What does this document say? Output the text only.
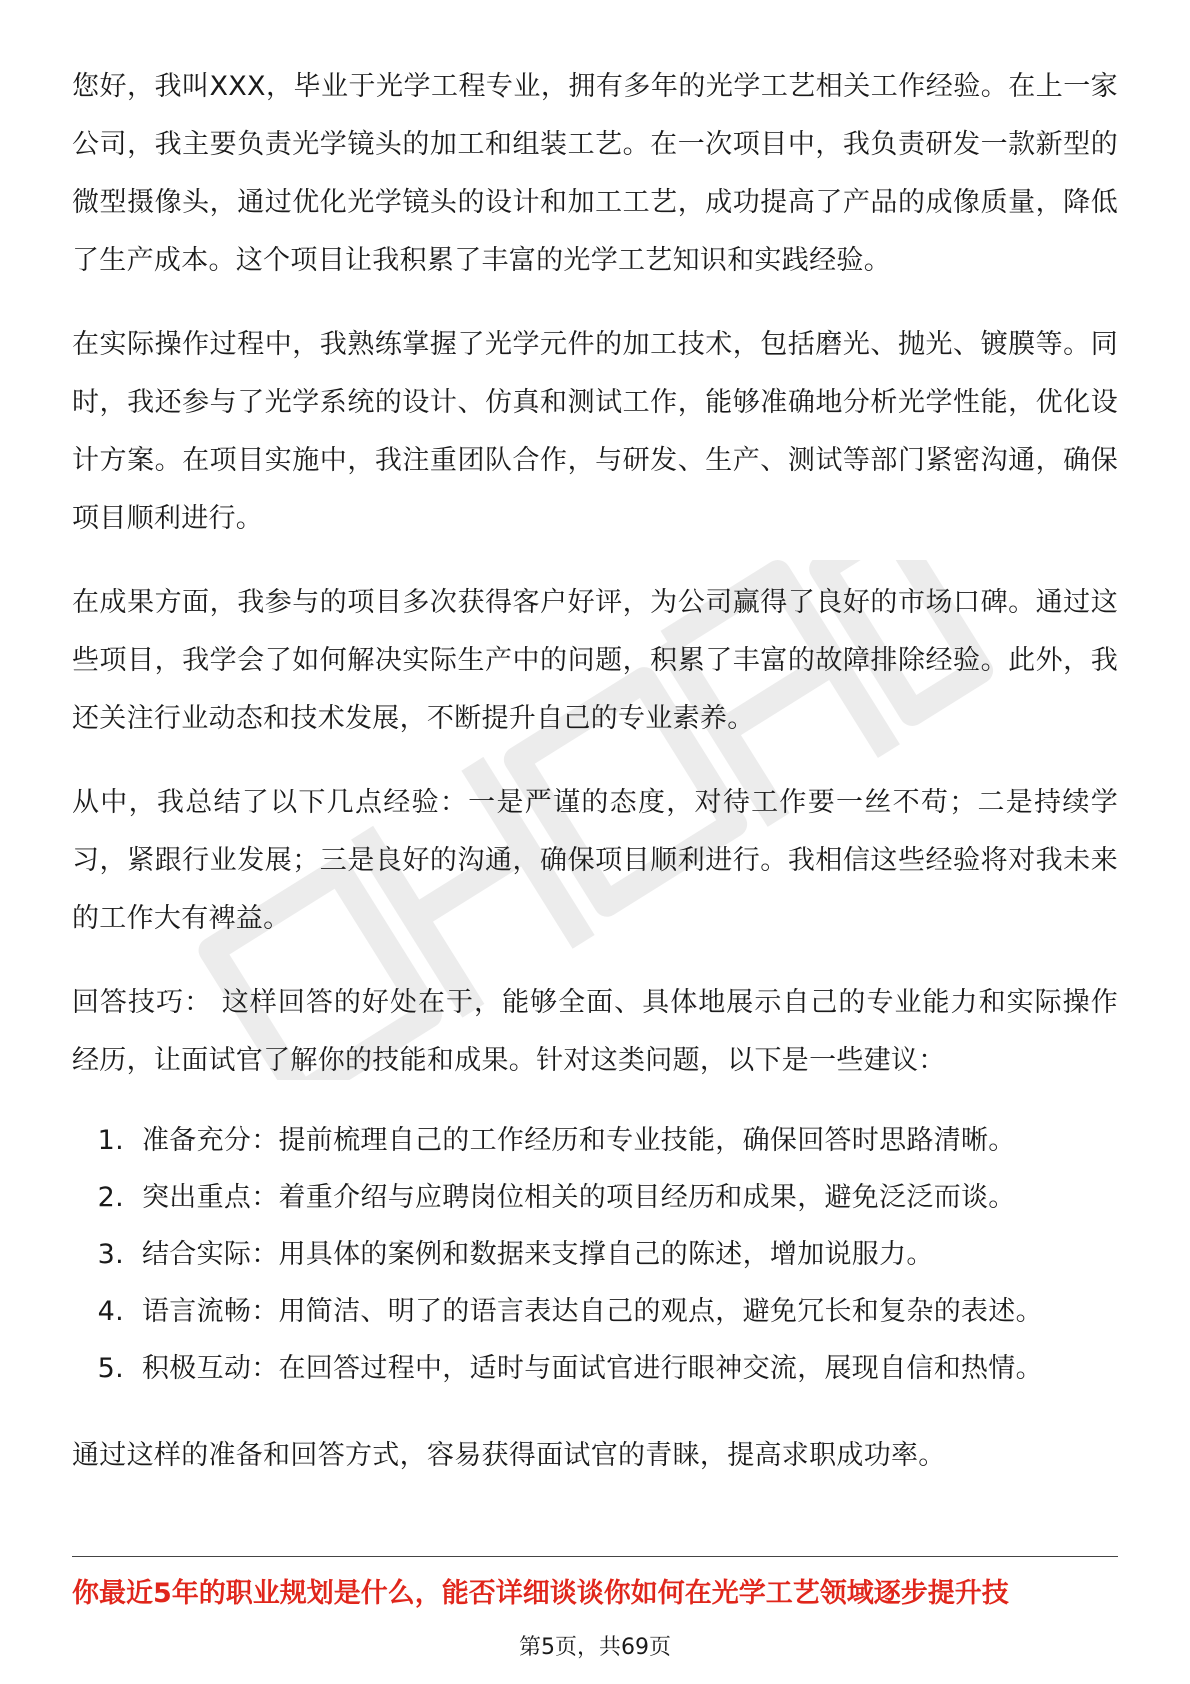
您好，我叫XXX，毕业于光学工程专业，拥有多年的光学工艺相关工作经验。在上一家公司，我主要负责光学镜头的加工和组装工艺。在一次项目中，我负责研发一款新型的微型摄像头，通过优化光学镜头的设计和加工工艺，成功提高了产品的成像质量，降低了生产成本。这个项目让我积累了丰富的光学工艺知识和实践经验。

在实际操作过程中，我熟练掌握了光学元件的加工技术，包括磨光、抛光、镀膜等。同时，我还参与了光学系统的设计、仿真和测试工作，能够准确地分析光学性能，优化设计方案。在项目实施中，我注重团队合作，与研发、生产、测试等部门紧密沟通，确保项目顺利进行。

在成果方面，我参与的项目多次获得客户好评，为公司赢得了良好的市场口碑。通过这些项目，我学会了如何解决实际生产中的问题，积累了丰富的故障排除经验。此外，我还关注行业动态和技术发展，不断提升自己的专业素养。

从中，我总结了以下几点经验：一是严谨的态度，对待工作要一丝不苟；二是持续学习，紧跟行业发展；三是良好的沟通，确保项目顺利进行。我相信这些经验将对我未来的工作大有裨益。

回答技巧： 这样回答的好处在于，能够全面、具体地展示自己的专业能力和实际操作经历，让面试官了解你的技能和成果。针对这类问题，以下是一些建议：

1. 准备充分：提前梳理自己的工作经历和专业技能，确保回答时思路清晰。
2. 突出重点：着重介绍与应聘岗位相关的项目经历和成果，避免泛泛而谈。
3. 结合实际：用具体的案例和数据来支撑自己的陈述，增加说服力。
4. 语言流畅：用简洁、明了的语言表达自己的观点，避免冗长和复杂的表述。
5. 积极互动：在回答过程中，适时与面试官进行眼神交流，展现自信和热情。

通过这样的准备和回答方式，容易获得面试官的青睐，提高求职成功率。

你最近5年的职业规划是什么，能否详细谈谈你如何在光学工艺领域逐步提升技
第5页，共69页
